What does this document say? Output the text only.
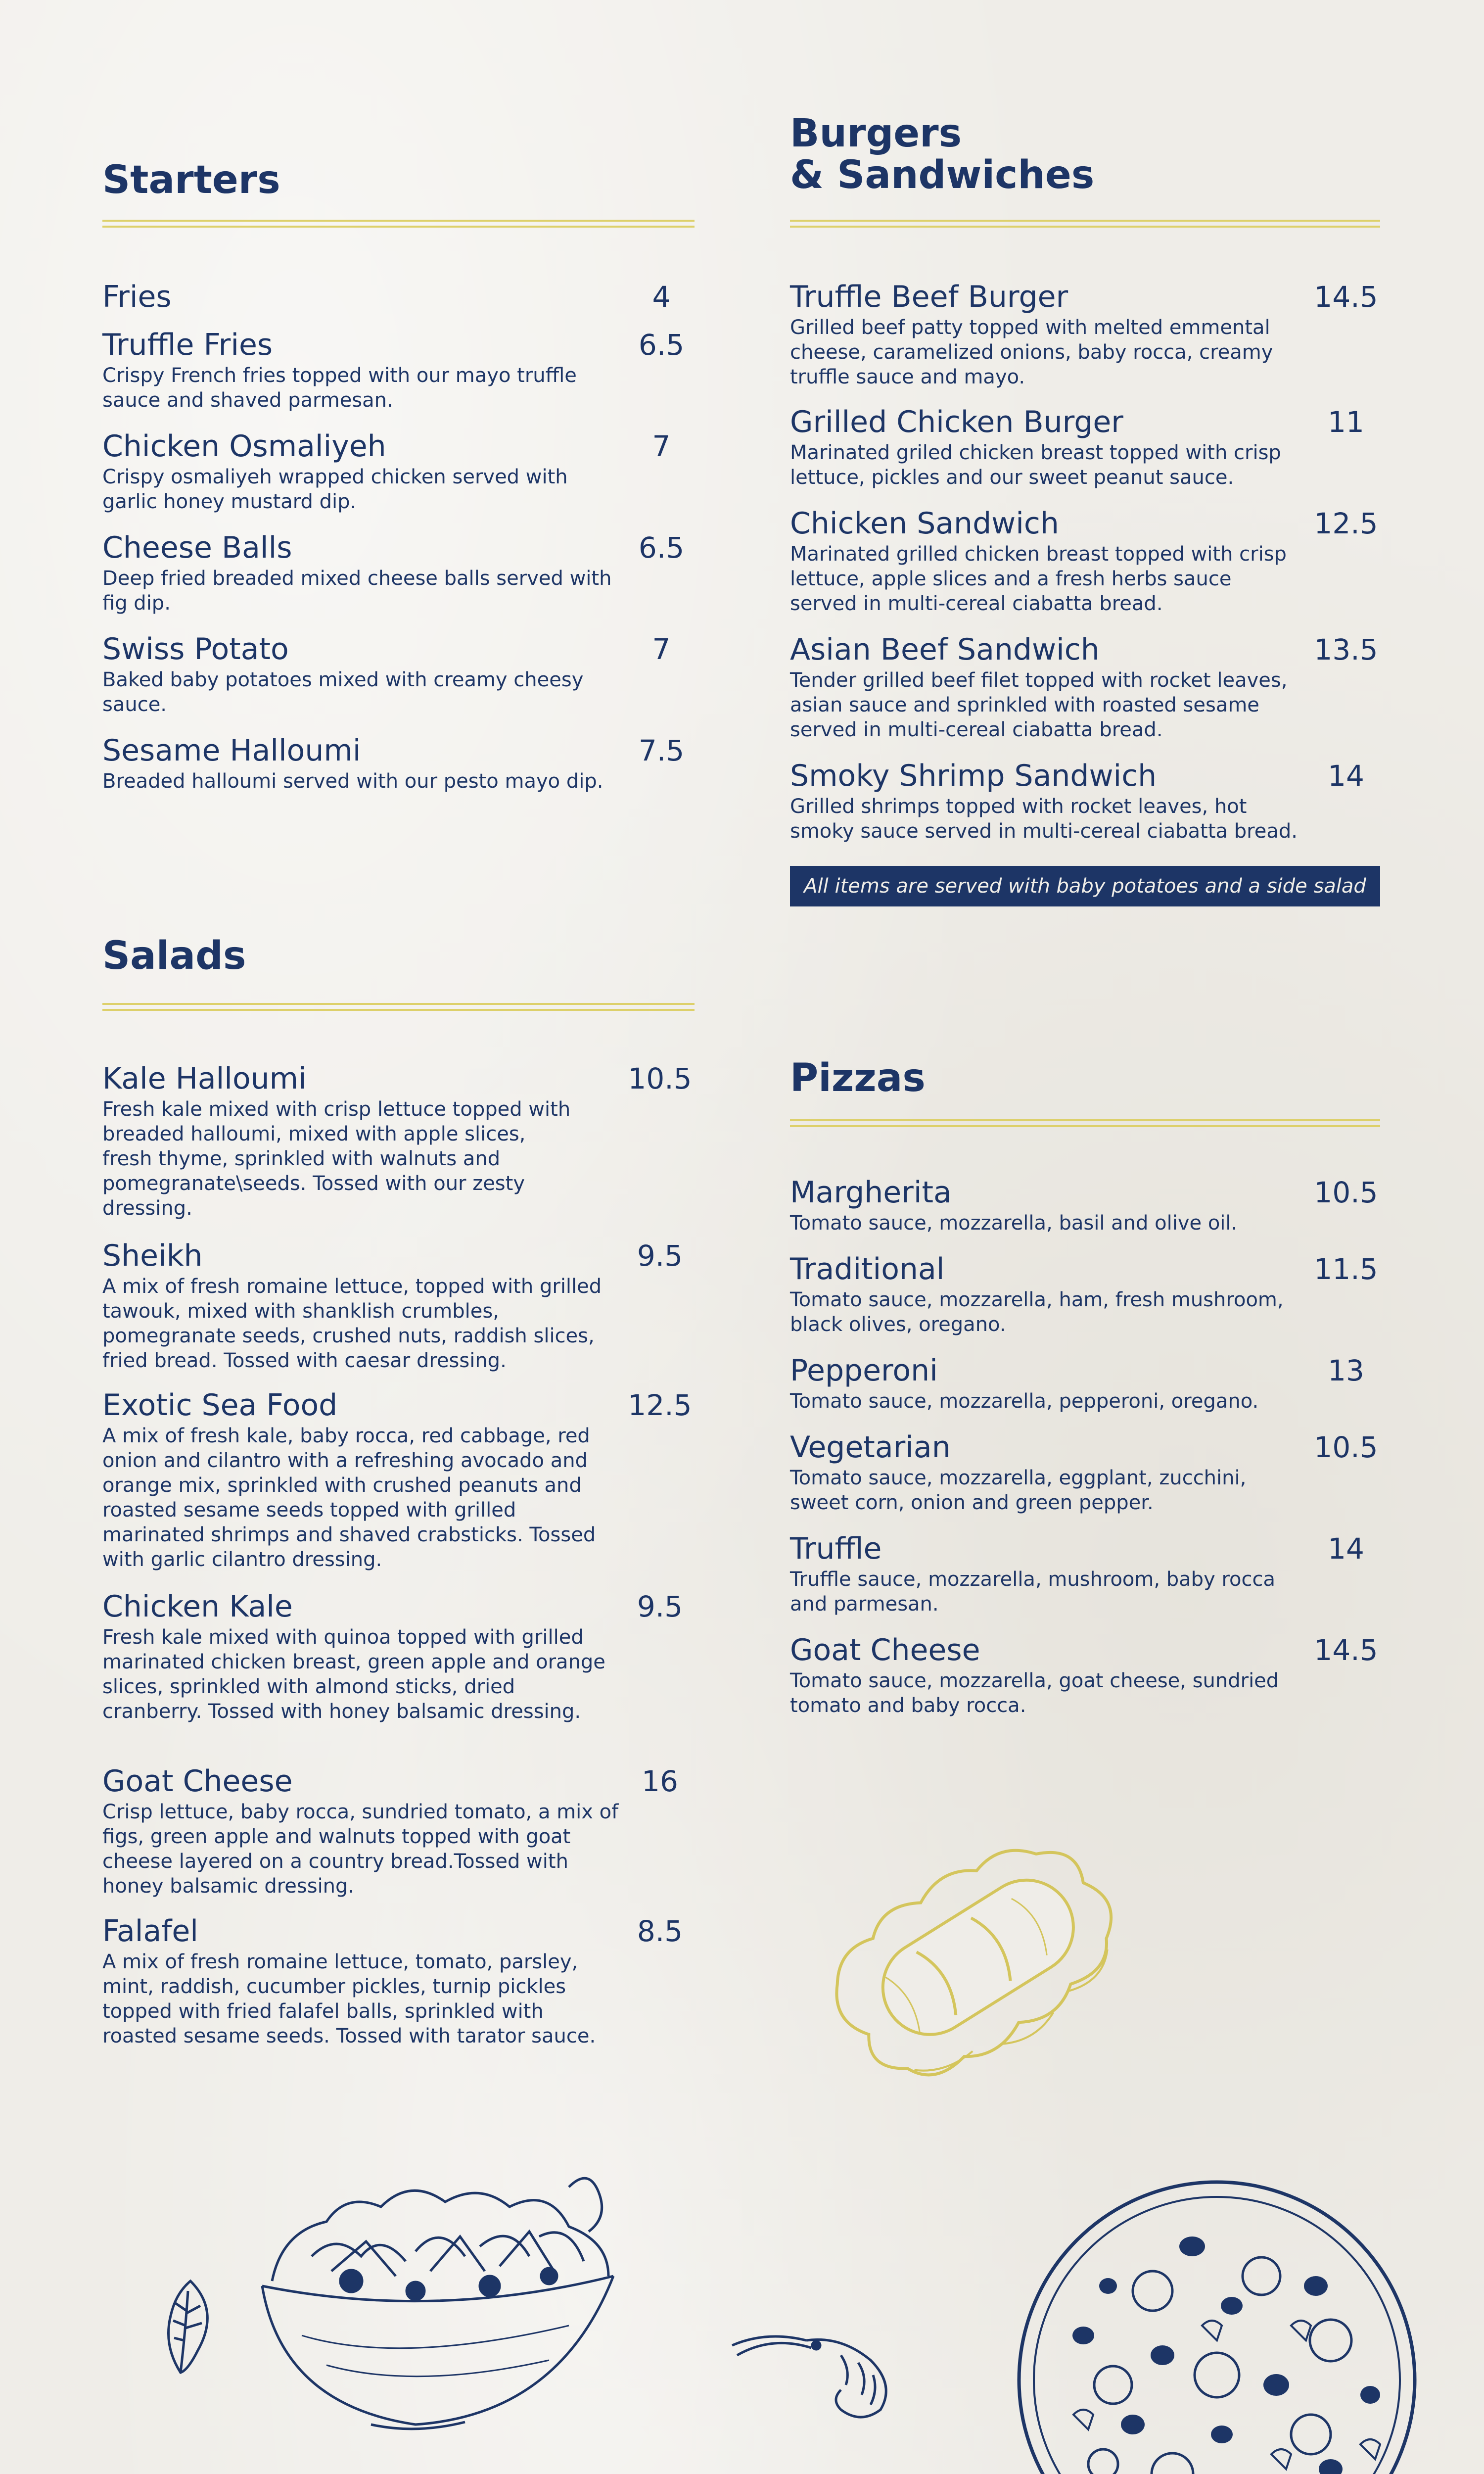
Starters
Fries	4
Truffle Fries	6.5
Crispy French fries topped with our mayo truffle sauce and shaved parmesan.
Chicken Osmaliyeh	7
Crispy osmaliyeh wrapped chicken served with garlic honey mustard dip.
Cheese Balls	6.5
Deep fried breaded mixed cheese balls served with fig dip.
Swiss Potato	7
Baked baby potatoes mixed with creamy cheesy sauce.
Sesame Halloumi	7.5
Breaded halloumi served with our pesto mayo dip.
Burgers
& Sandwiches
Truffle Beef Burger	14.5
Grilled beef patty topped with melted emmental cheese, caramelized onions, baby rocca, creamy truffle sauce and mayo.
Grilled Chicken Burger	11
Marinated griled chicken breast topped with crisp lettuce, pickles and our sweet peanut sauce.
Chicken Sandwich	12.5
Marinated grilled chicken breast topped with crisp lettuce, apple slices and a fresh herbs sauce served in multi-cereal ciabatta bread.
Asian Beef Sandwich	13.5
Tender grilled beef filet topped with rocket leaves, asian sauce and sprinkled with roasted sesame served in multi-cereal ciabatta bread.
Smoky Shrimp Sandwich	14
Grilled shrimps topped with rocket leaves, hot smoky sauce served in multi-cereal ciabatta bread.
All items are served with baby potatoes and a side salad
Salads
Kale Halloumi	10.5
Fresh kale mixed with crisp lettuce topped with breaded halloumi, mixed with apple slices, fresh thyme, sprinkled with walnuts and pomegranate\seeds. Tossed with our zesty dressing.
Sheikh	9.5
A mix of fresh romaine lettuce, topped with grilled tawouk, mixed with shanklish crumbles, pomegranate seeds, crushed nuts, raddish slices, fried bread. Tossed with caesar dressing.
Exotic Sea Food	12.5
A mix of fresh kale, baby rocca, red cabbage, red onion and cilantro with a refreshing avocado and orange mix, sprinkled with crushed peanuts and roasted sesame seeds topped with grilled marinated shrimps and shaved crabsticks. Tossed with garlic cilantro dressing.
Chicken Kale	9.5
Fresh kale mixed with quinoa topped with grilled marinated chicken breast, green apple and orange slices, sprinkled with almond sticks, dried cranberry. Tossed with honey balsamic dressing.
Goat Cheese	16
Crisp lettuce, baby rocca, sundried tomato, a mix of figs, green apple and walnuts topped with goat cheese layered on a country bread.Tossed with honey balsamic dressing.
Falafel	8.5
A mix of fresh romaine lettuce, tomato, parsley, mint, raddish, cucumber pickles, turnip pickles topped with fried falafel balls, sprinkled with roasted sesame seeds. Tossed with tarator sauce.
Pizzas
Margherita	10.5
Tomato sauce, mozzarella, basil and olive oil.
Traditional	11.5
Tomato sauce, mozzarella, ham, fresh mushroom, black olives, oregano.
Pepperoni	13
Tomato sauce, mozzarella, pepperoni, oregano.
Vegetarian	10.5
Tomato sauce, mozzarella, eggplant, zucchini, sweet corn, onion and green pepper.
Truffle	14
Truffle sauce, mozzarella, mushroom, baby rocca and parmesan.
Goat Cheese	14.5
Tomato sauce, mozzarella, goat cheese, sundried tomato and baby rocca.
